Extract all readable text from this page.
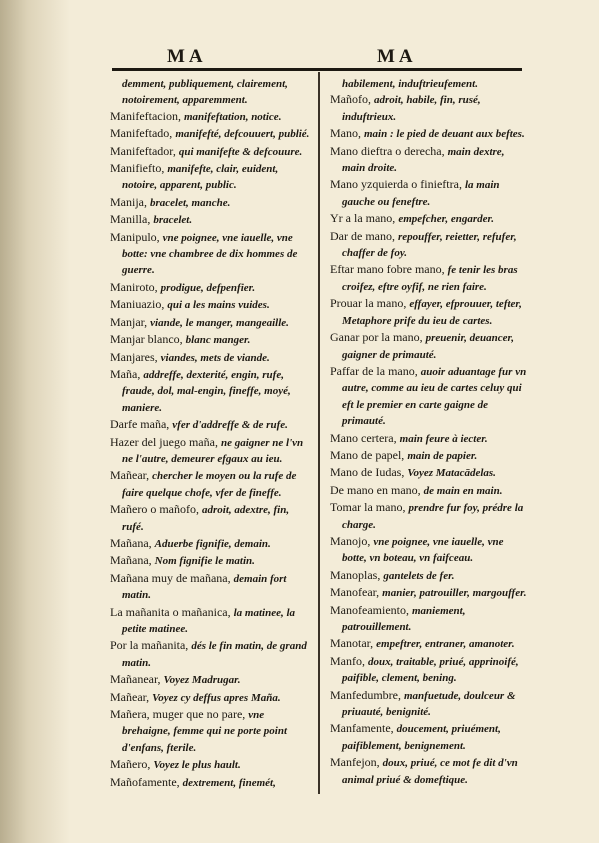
MA	MA
demment, publiquement, clairement, notoirement, apparemment.
Manifeftacion, manifeftation, notice.
Manifeftado, manifefté, defcouuert, publié.
Manifeftador, qui manifefte & defcouure.
Manifiefto, manifefte, clair, euident, notoire, apparent, public.
Manija, bracelet, manche.
Manilla, bracelet.
Manipulo, vne poignee, vne iauelle, vne botte: vne chambree de dix hommes de guerre.
Maniroto, prodigue, defpenfier.
Maniuazio, qui a les mains vuides.
Manjar, viande, le manger, mangeaille.
Manjar blanco, blanc manger.
Manjares, viandes, mets de viande.
Maña, addreffe, dexterité, engin, rufe, fraude, dol, mal-engin, fineffe, moyé, maniere.
Darfe maña, vfer d'addreffe & de rufe.
Hazer del juego maña, ne gaigner ne l'vn ne l'autre, demeurer efgaux au ieu.
Mañear, chercher le moyen ou la rufe de faire quelque chofe, vfer de fineffe.
Mañero o mañofo, adroit, adextre, fin, rufé.
Mañana, Aduerbe fignifie, demain.
Mañana, Nom fignifie le matin.
Mañana muy de mañana, demain fort matin.
La mañanita o mañanica, la matinee, la petite matinee.
Por la mañanita, dés le fin matin, de grand matin.
Mañanear, Voyez Madrugar.
Mañear, Voyez cy deffus apres Maña.
Mañera, muger que no pare, vne brehaigne, femme qui ne porte point d'enfans, fterile.
Mañero, Voyez le plus hault.
Mañofamente, dextrement, finemét,
habilement, induftrieufement.
Mañofo, adroit, habile, fin, rusé, induftrieux.
Mano, main : le pied de deuant aux beftes.
Mano dieftra o derecha, main dextre, main droite.
Mano yzquierda o finieftra, la main gauche ou feneftre.
Yr a la mano, empefcher, engarder.
Dar de mano, repouffer, reietter, refufer, chaffer de foy.
Eftar mano fobre mano, fe tenir les bras croifez, eftre oyfif, ne rien faire.
Prouar la mano, effayer, efprouuer, tefter, Metaphore prife du ieu de cartes.
Ganar por la mano, preuenir, deuancer, gaigner de primauté.
Paffar de la mano, auoir aduantage fur vn autre, comme au ieu de cartes celuy qui eft le premier en carte gaigne de primauté.
Mano certera, main feure à iecter.
Mano de papel, main de papier.
Mano de Iudas, Voyez Matacādelas.
De mano en mano, de main en main.
Tomar la mano, prendre fur foy, prédre la charge.
Manojo, vne poignee, vne iauelle, vne botte, vn boteau, vn faifceau.
Manoplas, gantelets de fer.
Manofear, manier, patrouiller, margouffer.
Manofeamiento, maniement, patrouillement.
Manotar, empeftrer, entraner, amanoter.
Manfo, doux, traitable, priué, apprinoifé, paifible, clement, bening.
Manfedumbre, manfuetude, doulceur & priuauté, benignité.
Manfamente, doucement, priuément, paifiblement, benignement.
Manfejon, doux, priué, ce mot fe dit d'vn animal priué & domeftique.
